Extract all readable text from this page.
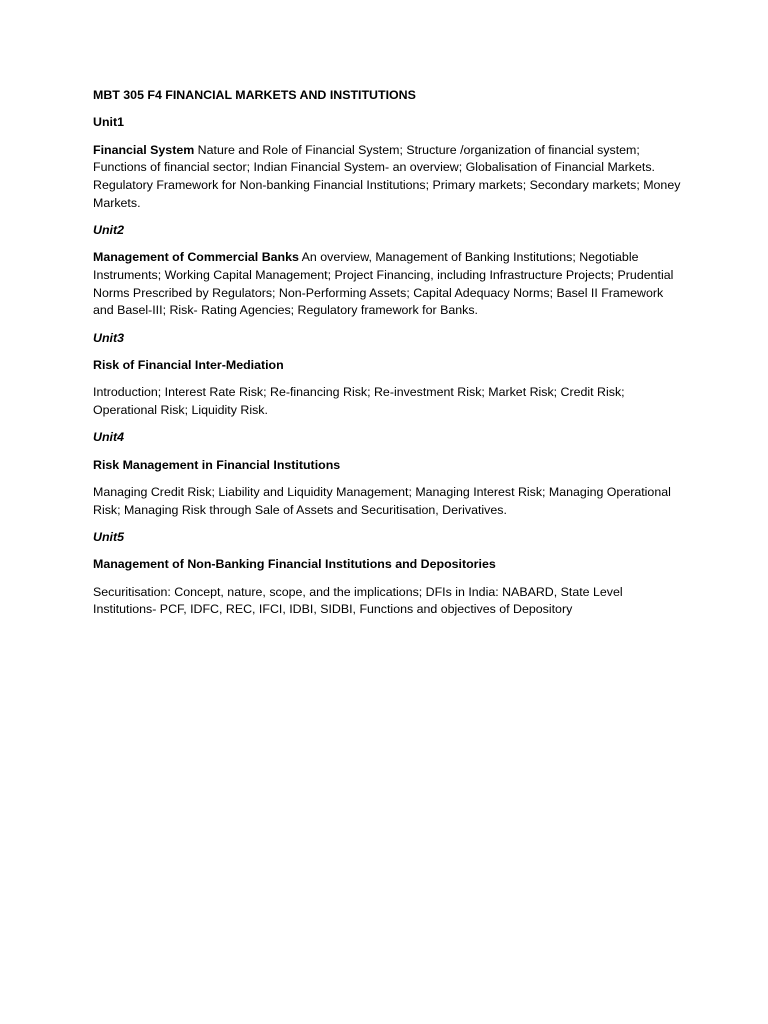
MBT 305 F4 FINANCIAL MARKETS AND INSTITUTIONS

Unit1

Financial System Nature and Role of Financial System; Structure /organization of financial system; Functions of financial sector; Indian Financial System- an overview; Globalisation of Financial Markets. Regulatory Framework for Non-banking Financial Institutions; Primary markets; Secondary markets; Money Markets.

Unit2

Management of Commercial Banks An overview, Management of Banking Institutions; Negotiable Instruments; Working Capital Management; Project Financing, including Infrastructure Projects; Prudential Norms Prescribed by Regulators; Non-Performing Assets; Capital Adequacy Norms; Basel II Framework and Basel-III; Risk- Rating Agencies; Regulatory framework for Banks.

Unit3

Risk of Financial Inter-Mediation

Introduction; Interest Rate Risk; Re-financing Risk; Re-investment Risk; Market Risk; Credit Risk; Operational Risk; Liquidity Risk.

Unit4

Risk Management in Financial Institutions

Managing Credit Risk; Liability and Liquidity Management; Managing Interest Risk; Managing Operational Risk; Managing Risk through Sale of Assets and Securitisation, Derivatives.

Unit5

Management of Non-Banking Financial Institutions and Depositories

Securitisation: Concept, nature, scope, and the implications; DFIs in India: NABARD, State Level Institutions- PCF, IDFC, REC, IFCI, IDBI, SIDBI, Functions and objectives of Depository
